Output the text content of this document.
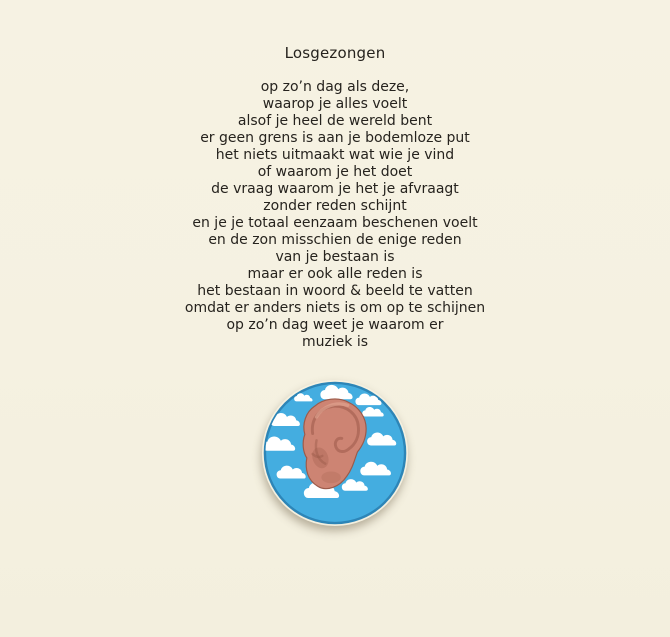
Losgezongen
op zo’n dag als deze,
waarop je alles voelt
alsof je heel de wereld bent
er geen grens is aan je bodemloze put
het niets uitmaakt wat wie je vind
of waarom je het doet
de vraag waarom je het je afvraagt
zonder reden schijnt
en je je totaal eenzaam beschenen voelt
en de zon misschien de enige reden
van je bestaan is
maar er ook alle reden is
het bestaan in woord & beeld te vatten
omdat er anders niets is om op te schijnen
op zo’n dag weet je waarom er
muziek is
